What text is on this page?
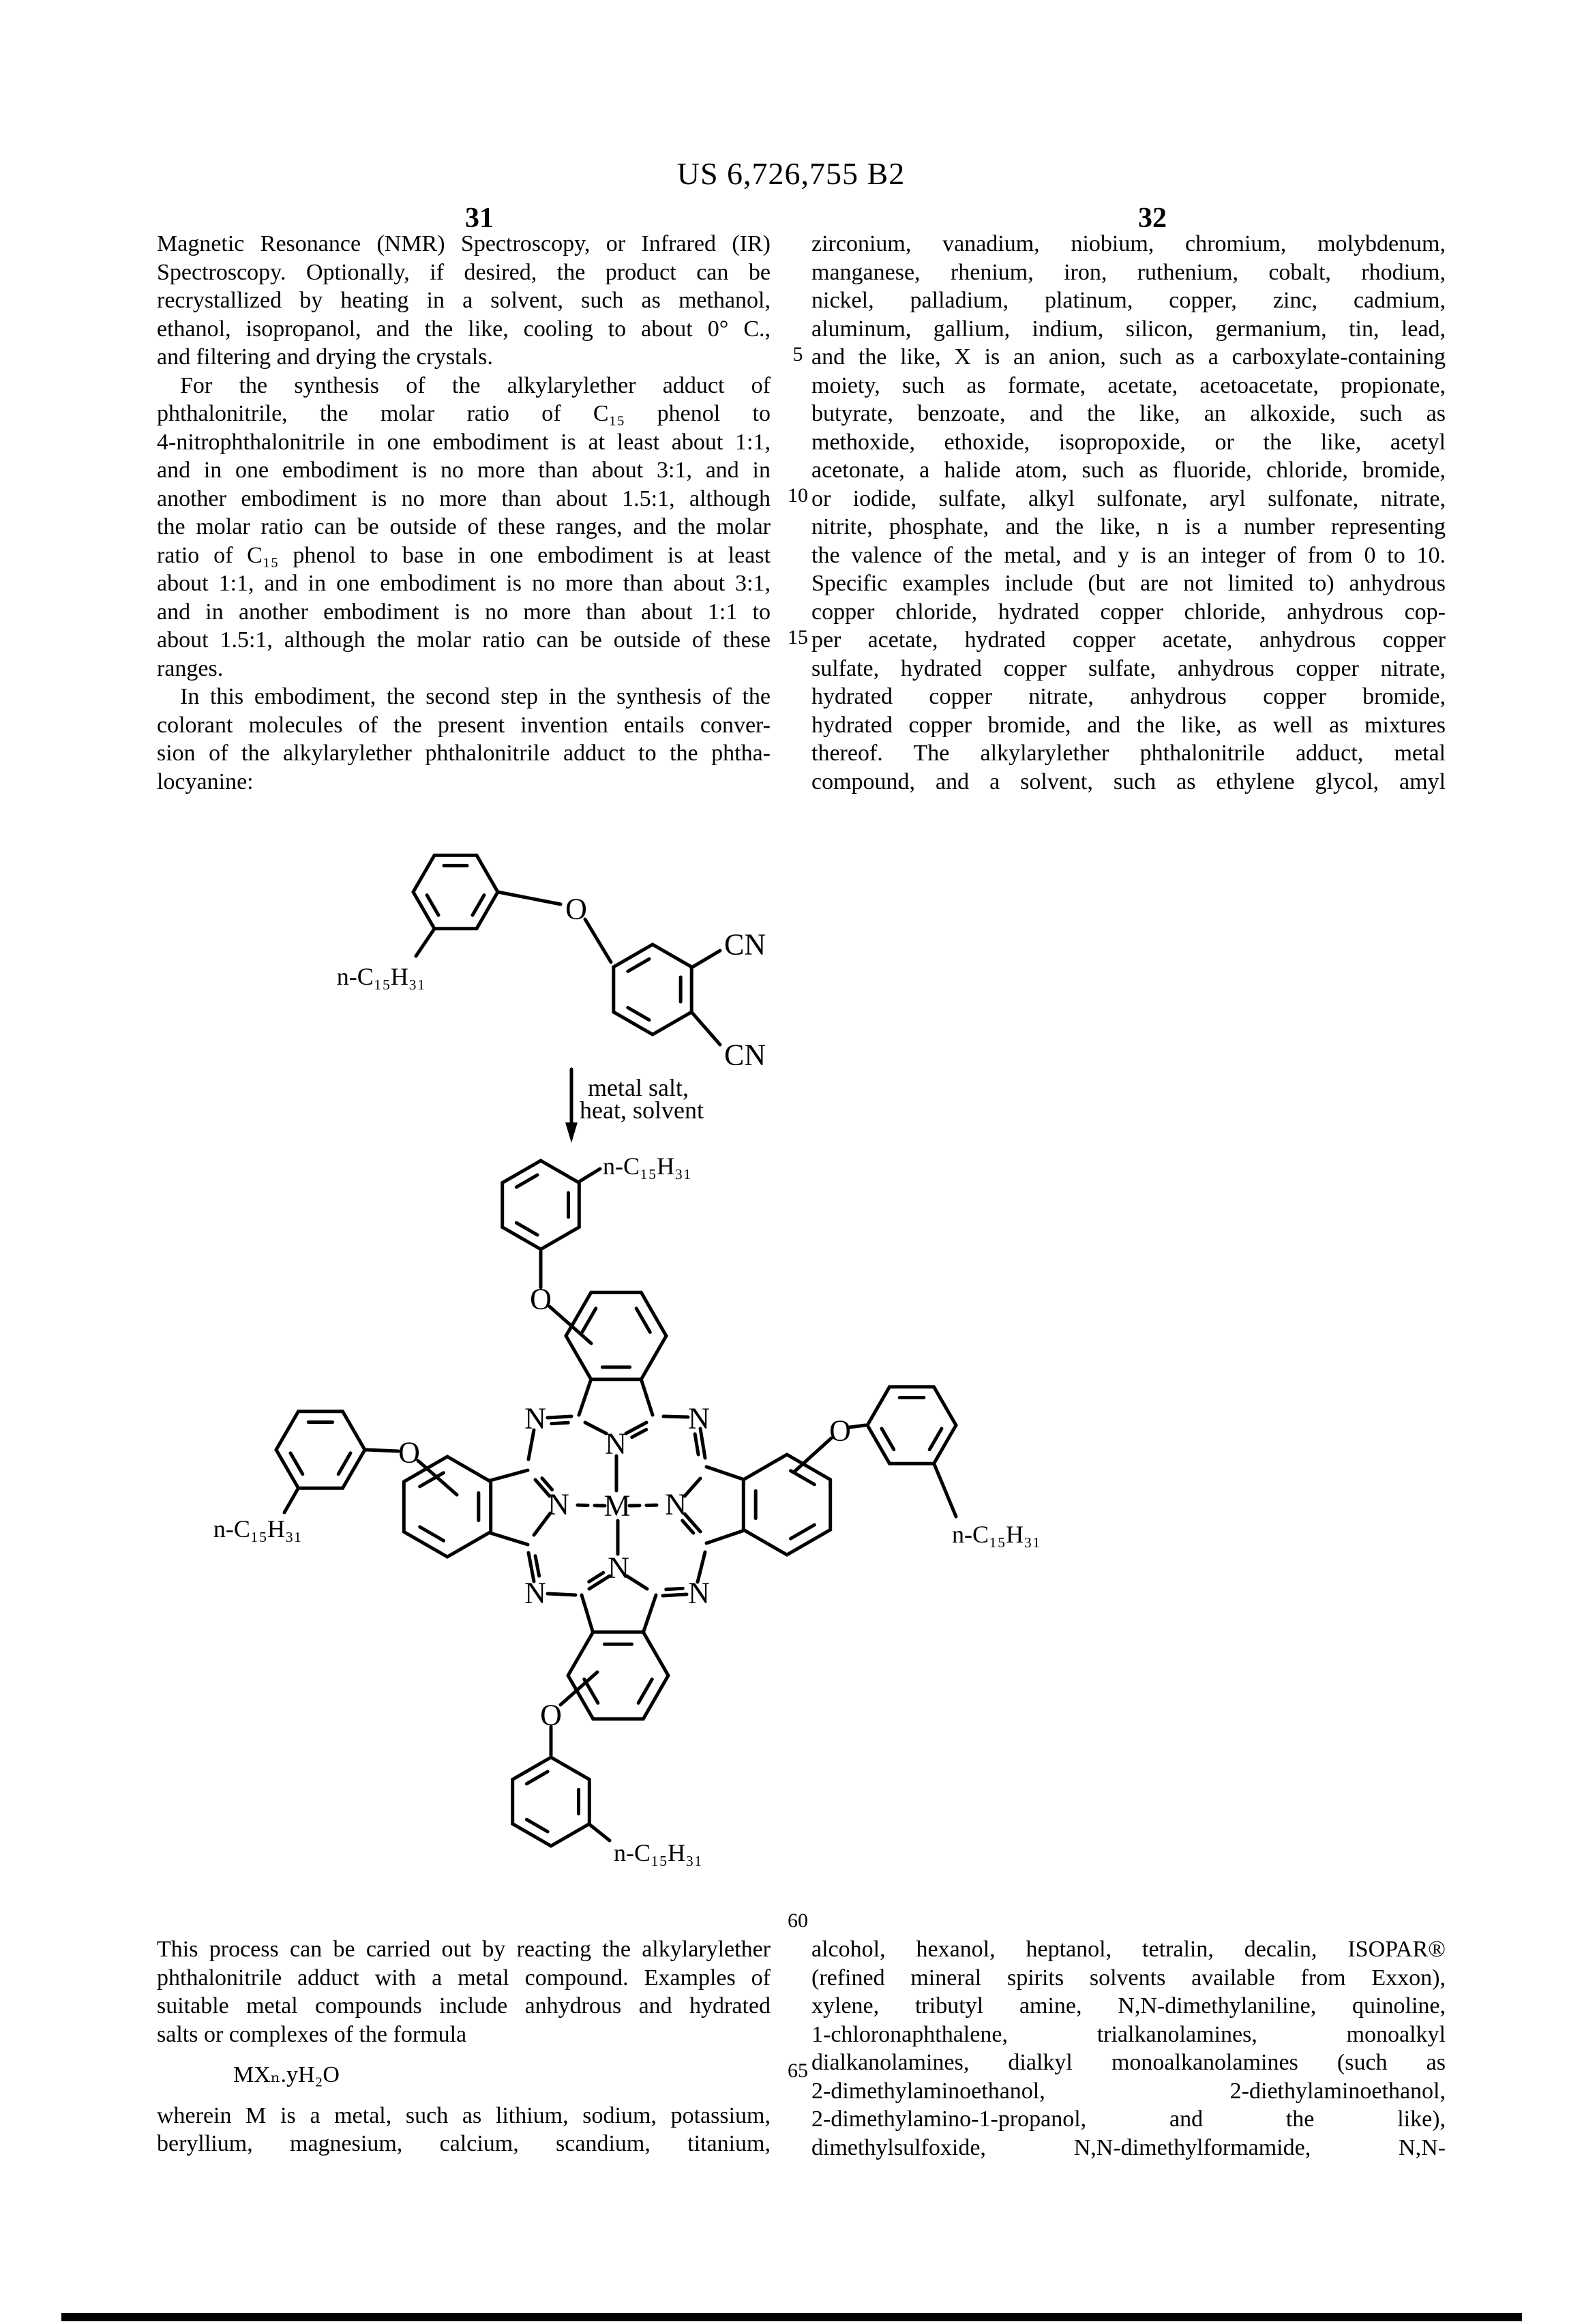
US 6,726,755 B2
31	32
Magnetic Resonance (NMR) Spectroscopy, or Infrared (IR)
Spectroscopy. Optionally, if desired, the product can be
recrystallized by heating in a solvent, such as methanol,
ethanol, isopropanol, and the like, cooling to about 0° C.,
and filtering and drying the crystals.
For the synthesis of the alkylarylether adduct of
phthalonitrile, the molar ratio of C₁₅ phenol to
4-nitrophthalonitrile in one embodiment is at least about 1:1,
and in one embodiment is no more than about 3:1, and in
another embodiment is no more than about 1.5:1, although
the molar ratio can be outside of these ranges, and the molar
ratio of C₁₅ phenol to base in one embodiment is at least
about 1:1, and in one embodiment is no more than about 3:1,
and in another embodiment is no more than about 1:1 to
about 1.5:1, although the molar ratio can be outside of these
ranges.
In this embodiment, the second step in the synthesis of the
colorant molecules of the present invention entails conver-
sion of the alkylarylether phthalonitrile adduct to the phtha-
locyanine:
zirconium, vanadium, niobium, chromium, molybdenum,
manganese, rhenium, iron, ruthenium, cobalt, rhodium,
nickel, palladium, platinum, copper, zinc, cadmium,
aluminum, gallium, indium, silicon, germanium, tin, lead,
and the like, X is an anion, such as a carboxylate-containing
moiety, such as formate, acetate, acetoacetate, propionate,
butyrate, benzoate, and the like, an alkoxide, such as
methoxide, ethoxide, isopropoxide, or the like, acetyl
acetonate, a halide atom, such as fluoride, chloride, bromide,
or iodide, sulfate, alkyl sulfonate, aryl sulfonate, nitrate,
nitrite, phosphate, and the like, n is a number representing
the valence of the metal, and y is an integer of from 0 to 10.
Specific examples include (but are not limited to) anhydrous
copper chloride, hydrated copper chloride, anhydrous cop-
per acetate, hydrated copper acetate, anhydrous copper
sulfate, hydrated copper sulfate, anhydrous copper nitrate,
hydrated copper nitrate, anhydrous copper bromide,
hydrated copper bromide, and the like, as well as mixtures
thereof. The alkylarylether phthalonitrile adduct, metal
compound, and a solvent, such as ethylene glycol, amyl
5
10
15
60
65
This process can be carried out by reacting the alkylarylether
phthalonitrile adduct with a metal compound. Examples of
suitable metal compounds include anhydrous and hydrated
salts or complexes of the formula
MXₙ.yH₂O
wherein M is a metal, such as lithium, sodium, potassium,
beryllium, magnesium, calcium, scandium, titanium,
alcohol, hexanol, heptanol, tetralin, decalin, ISOPAR®
(refined mineral spirits solvents available from Exxon),
xylene, tributyl amine, N,N-dimethylaniline, quinoline,
1-chloronaphthalene, trialkanolamines, monoalkyl
dialkanolamines, dialkyl monoalkanolamines (such as
2-dimethylaminoethanol, 2-diethylaminoethanol,
2-dimethylamino-1-propanol, and the like),
dimethylsulfoxide, N,N-dimethylformamide, N,N-
O
CN
CN
n-C₁₅H₃₁
metal salt,
heat, solvent
M
N
N
N	N
N	N
N	N
O
O
O
O
n-C₁₅H₃₁
n-C₁₅H₃₁	n-C₁₅H₃₁
n-C₁₅H₃₁
